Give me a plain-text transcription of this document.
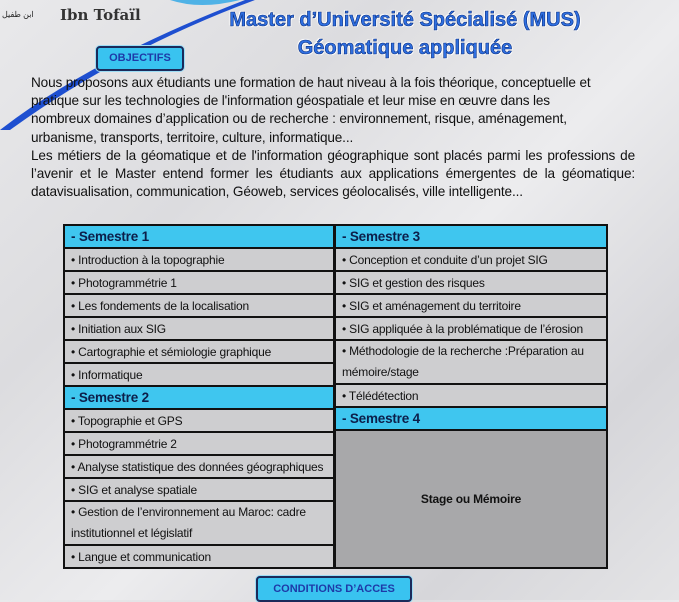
ابن طفيل Ibn Tofaïl	Master d’Université Spécialisé (MUS)
Géomatique appliquée
OBJECTIFS

Nous proposons aux étudiants une formation de haut niveau à la fois théorique, conceptuelle et pratique sur les technologies de l'information géospatiale et leur mise en œuvre dans les

nombreux domaines d’application ou de recherche : environnement, risque, aménagement, urbanisme, transports, territoire, culture, informatique...

Les métiers de la géomatique et de l'information géographique sont placés parmi les professions de l’avenir et le Master entend former les étudiants aux applications émergentes de la géomatique:

datavisualisation, communication, Géoweb, services géolocalisés, ville intelligente...

- Semestre 1
• Introduction à la topographie
• Photogrammétrie 1
• Les fondements de la localisation
• Initiation aux SIG
• Cartographie et sémiologie graphique
• Informatique
- Semestre 2
• Topographie et GPS
• Photogrammétrie 2
• Analyse statistique des données géographiques
• SIG et analyse spatiale
• Gestion de l’environnement au Maroc: cadre institutionnel et législatif
• Langue et communication
- Semestre 3
• Conception et conduite d’un projet SIG
• SIG et gestion des risques
• SIG et aménagement du territoire
• SIG appliquée à la problématique de l’érosion
• Méthodologie de la recherche :Préparation au mémoire/stage
• Télédétection
- Semestre 4
Stage ou Mémoire
CONDITIONS D’ACCES
